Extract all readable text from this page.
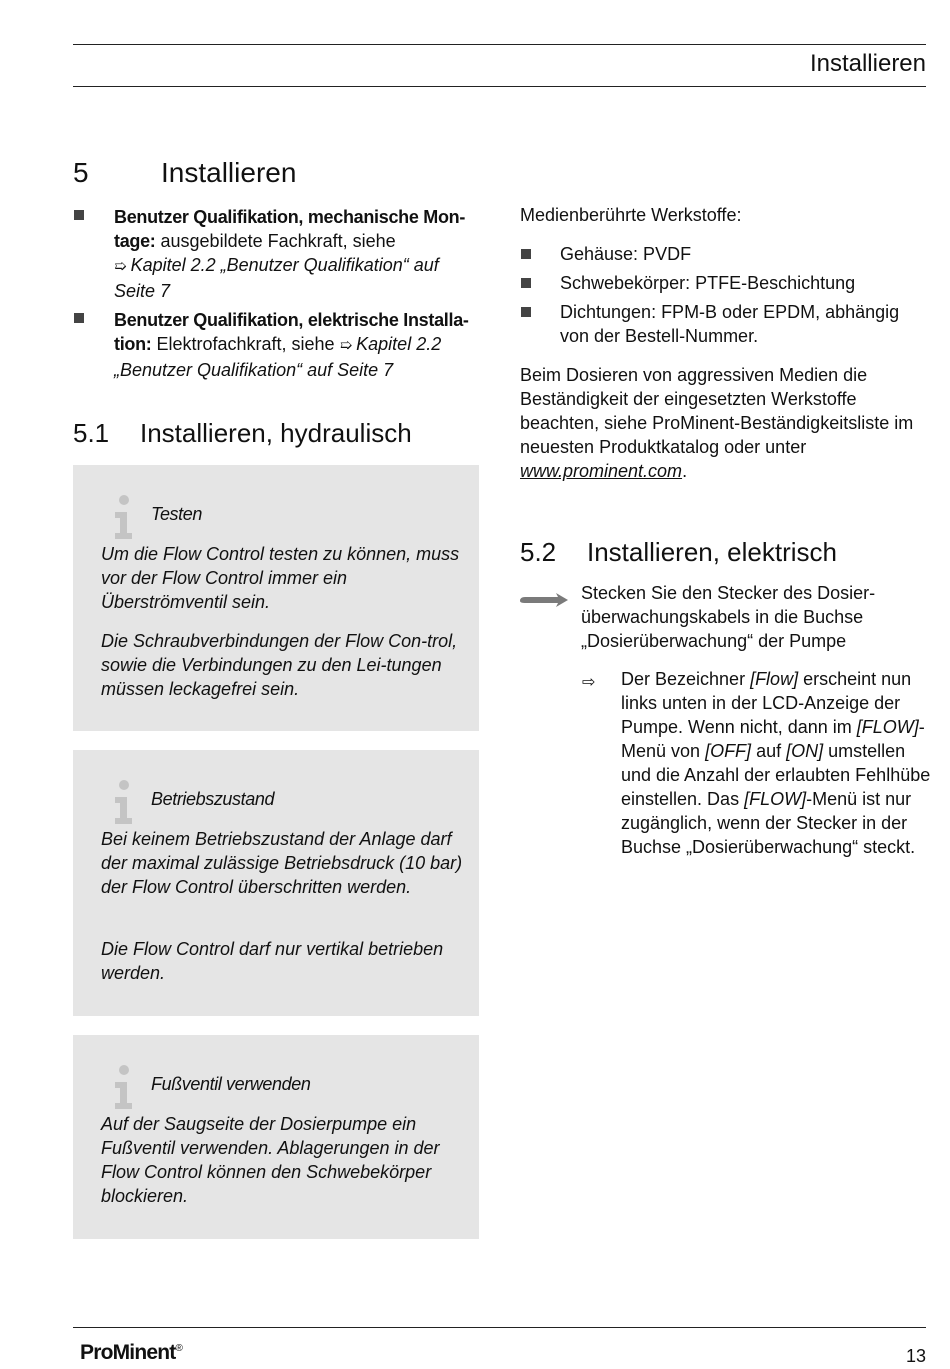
Installieren
5	Installieren
Benutzer Qualifikation, mechanische Mon-tage: ausgebildete Fachkraft, siehe
➯ Kapitel 2.2 „Benutzer Qualifikation“ auf Seite 7
Benutzer Qualifikation, elektrische Installa-tion: Elektrofachkraft, siehe ➯ Kapitel 2.2 „Benutzer Qualifikation“ auf Seite 7
5.1 Installieren, hydraulisch
Testen
Um die Flow Control testen zu können, muss vor der Flow Control immer ein Überströmventil sein.
Die Schraubverbindungen der Flow Con-trol, sowie die Verbindungen zu den Lei-tungen müssen leckagefrei sein.
Betriebszustand
Bei keinem Betriebszustand der Anlage darf der maximal zulässige Betriebsdruck (10 bar) der Flow Control überschritten werden.
Die Flow Control darf nur vertikal betrieben werden.
Fußventil verwenden
Auf der Saugseite der Dosierpumpe ein Fußventil verwenden. Ablagerungen in der Flow Control können den Schwebekörper blockieren.
Medienberührte Werkstoffe:
Gehäuse: PVDF
Schwebekörper: PTFE-Beschichtung
Dichtungen: FPM-B oder EPDM, abhängig von der Bestell-Nummer.
Beim Dosieren von aggressiven Medien die Beständigkeit der eingesetzten Werkstoffe beachten, siehe ProMinent-Beständigkeitsliste im neuesten Produktkatalog oder unter www.prominent.com.
5.2 Installieren, elektrisch
Stecken Sie den Stecker des Dosier-überwachungskabels in die Buchse „Dosierüberwachung“ der Pumpe
⇨ Der Bezeichner [Flow] erscheint nun links unten in der LCD-Anzeige der Pumpe. Wenn nicht, dann im [FLOW]-Menü von [OFF] auf [ON] umstellen und die Anzahl der erlaubten Fehlhübe einstellen. Das [FLOW]-Menü ist nur zugänglich, wenn der Stecker in der Buchse „Dosierüberwachung“ steckt.
ProMinent®	13
